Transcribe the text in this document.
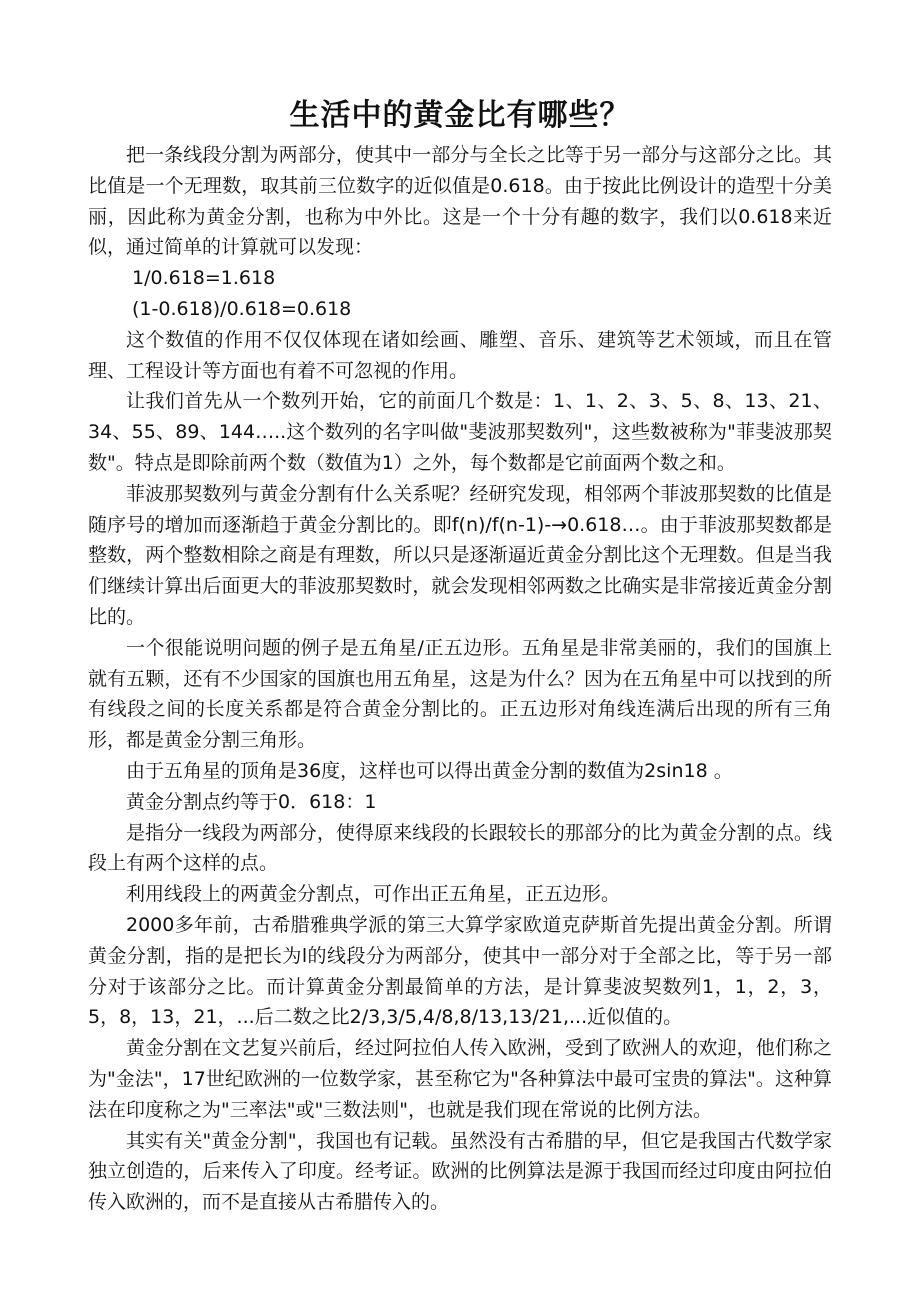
生活中的黄金比有哪些？

把一条线段分割为两部分，使其中一部分与全长之比等于另一部分与这部分之比。其比值是一个无理数，取其前三位数字的近似值是0.618。由于按此比例设计的造型十分美丽，因此称为黄金分割，也称为中外比。这是一个十分有趣的数字，我们以0.618来近似，通过简单的计算就可以发现：

1/0.618=1.618

(1-0.618)/0.618=0.618

这个数值的作用不仅仅体现在诸如绘画、雕塑、音乐、建筑等艺术领域，而且在管理、工程设计等方面也有着不可忽视的作用。

让我们首先从一个数列开始，它的前面几个数是：1、1、2、3、5、8、13、21、34、55、89、144…..这个数列的名字叫做"斐波那契数列"，这些数被称为"菲斐波那契数"。特点是即除前两个数（数值为1）之外，每个数都是它前面两个数之和。

菲波那契数列与黄金分割有什么关系呢？经研究发现，相邻两个菲波那契数的比值是随序号的增加而逐渐趋于黄金分割比的。即f(n)/f(n-1)-→0.618…。由于菲波那契数都是整数，两个整数相除之商是有理数，所以只是逐渐逼近黄金分割比这个无理数。但是当我们继续计算出后面更大的菲波那契数时，就会发现相邻两数之比确实是非常接近黄金分割比的。

一个很能说明问题的例子是五角星/正五边形。五角星是非常美丽的，我们的国旗上就有五颗，还有不少国家的国旗也用五角星，这是为什么？因为在五角星中可以找到的所有线段之间的长度关系都是符合黄金分割比的。正五边形对角线连满后出现的所有三角形，都是黄金分割三角形。

由于五角星的顶角是36度，这样也可以得出黄金分割的数值为2sin18 。

黄金分割点约等于0．618：1

是指分一线段为两部分，使得原来线段的长跟较长的那部分的比为黄金分割的点。线段上有两个这样的点。

利用线段上的两黄金分割点，可作出正五角星，正五边形。

2000多年前，古希腊雅典学派的第三大算学家欧道克萨斯首先提出黄金分割。所谓黄金分割，指的是把长为l的线段分为两部分，使其中一部分对于全部之比，等于另一部分对于该部分之比。而计算黄金分割最简单的方法，是计算斐波契数列1，1，2，3，5，8，13，21，...后二数之比2/3,3/5,4/8,8/13,13/21,...近似值的。

黄金分割在文艺复兴前后，经过阿拉伯人传入欧洲，受到了欧洲人的欢迎，他们称之为"金法"，17世纪欧洲的一位数学家，甚至称它为"各种算法中最可宝贵的算法"。这种算法在印度称之为"三率法"或"三数法则"，也就是我们现在常说的比例方法。

其实有关"黄金分割"，我国也有记载。虽然没有古希腊的早，但它是我国古代数学家独立创造的，后来传入了印度。经考证。欧洲的比例算法是源于我国而经过印度由阿拉伯传入欧洲的，而不是直接从古希腊传入的。
